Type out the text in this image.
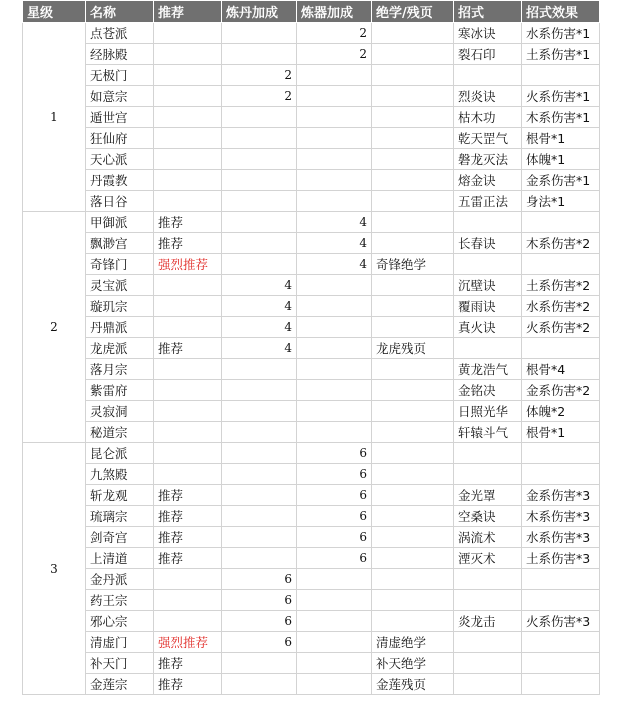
星级	名称	推荐	炼丹加成	炼器加成	绝学/残页	招式	招式效果
1	点苍派			2		寒冰诀	水系伤害*1
	经脉殿			2		裂石印	土系伤害*1
	无极门		2				
	如意宗		2			烈炎诀	火系伤害*1
	遁世宫					枯木功	木系伤害*1
	狂仙府					乾天罡气	根骨*1
	天心派					磐龙灭法	体魄*1
	丹霞教					熔金诀	金系伤害*1
	落日谷					五雷正法	身法*1
2	甲御派	推荐		4			
	飘渺宫	推荐		4		长春诀	木系伤害*2
	奇锋门	强烈推荐		4	奇锋绝学		
	灵宝派		4			沉壁诀	土系伤害*2
	璇玑宗		4			覆雨诀	水系伤害*2
	丹鼎派		4			真火诀	火系伤害*2
	龙虎派	推荐	4		龙虎残页		
	落月宗					黄龙浩气	根骨*4
	紫雷府					金铭决	金系伤害*2
	灵寂洞					日照光华	体魄*2
	秘道宗					轩辕斗气	根骨*1
3	昆仑派			6			
	九煞殿			6			
	斩龙观	推荐		6		金光罩	金系伤害*3
	琉璃宗	推荐		6		空桑诀	木系伤害*3
	剑奇宫	推荐		6		涡流术	水系伤害*3
	上清道	推荐		6		湮灭术	土系伤害*3
	金丹派		6				
	药王宗		6				
	邪心宗		6			炎龙击	火系伤害*3
	清虚门	强烈推荐	6		清虚绝学		
	补天门	推荐			补天绝学		
	金莲宗	推荐			金莲残页		
